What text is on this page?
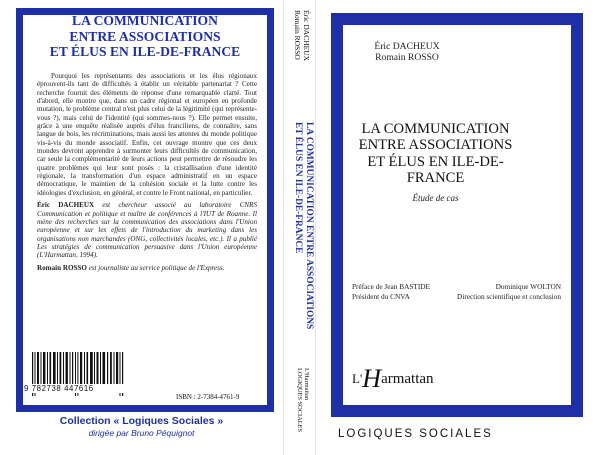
LA COMMUNICATION
ENTRE ASSOCIATIONS
ET ÉLUS EN ILE-DE-FRANCE

Pourquoi les représentants des associations et les élus régionaux éprouvent-ils tant de difficultés à établir un véritable partenariat ? Cette recherche fournit des éléments de réponse d'une remarquable clarté. Tout d'abord, elle montre que, dans un cadre régional et européen en profonde mutation, le problème central n'est plus celui de la légitimité (qui représente-vous ?), mais celui de l'identité (qui sommes-nous ?). Elle permet ensuite, grâce à une enquête réalisée auprès d'élus franciliens, de connaître, sans langue de bois, les récriminations, mais aussi les attentes du monde politique vis-à-vis du monde associatif. Enfin, cet ouvrage montre que ces deux mondes devront apprendre à surmonter leurs difficultés de communication, car seule la complémentarité de leurs actions peut permettre de résoudre les quatre problèmes qui leur sont posés : la cristallisation d'une identité régionale, la transformation d'un espace administratif en un espace démocratique, le maintien de la cohésion sociale et la lutte contre les idéologies d'exclusion, en général, et contre le Front national, en particulier.

Éric DACHEUX est chercheur associé au laboratoire CNRS Communication et politique et maître de conférences à l'IUT de Roanne. Il mène des recherches sur la communication des associations dans l'Union européenne et sur les effets de l'introduction du marketing dans les organisations non marchandes (ONG, collectivités locales, etc.). Il a publié Les stratégies de communication persuasive dans l'Union européenne (L'Harmattan, 1994).

Romain ROSSO est journaliste au service politique de l'Express.

9 782738 447616
ISBN : 2-7384-4761-9
Collection « Logiques Sociales »
dirigée par Bruno Péquignot
Éric DACHEUX
Romain ROSSO
LA COMMUNICATION ENTRE ASSOCIATIONS
ET ÉLUS EN ILE-DE-FRANCE
L'Harmattan
LOGIQUES SOCIALES
Éric DACHEUX
Romain ROSSO
LA COMMUNICATION
ENTRE ASSOCIATIONS
ET ÉLUS EN ILE-DE-FRANCE
Étude de cas
Préface de Jean BASTIDE
Président du CNVA
Dominique WOLTON
Direction scientifique et conclusion
L'Harmattan
LOGIQUES SOCIALES
